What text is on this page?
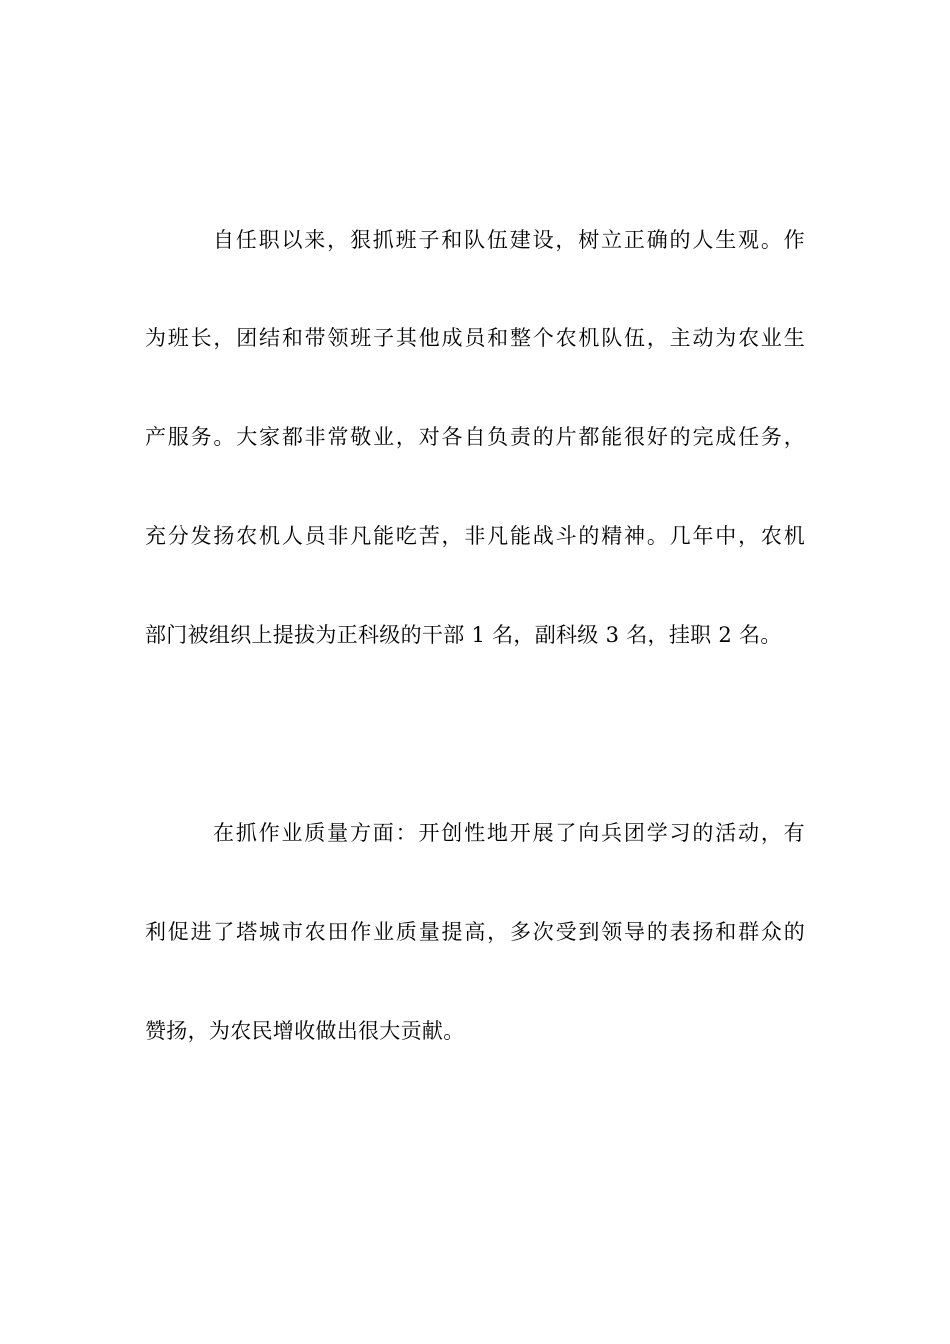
自任职以来，狠抓班子和队伍建设，树立正确的人生观。作
为班长，团结和带领班子其他成员和整个农机队伍，主动为农业生
产服务。大家都非常敬业，对各自负责的片都能很好的完成任务，
充分发扬农机人员非凡能吃苦，非凡能战斗的精神。几年中，农机
部门被组织上提拔为正科级的干部 1 名，副科级 3 名，挂职 2 名。
在抓作业质量方面：开创性地开展了向兵团学习的活动，有
利促进了塔城市农田作业质量提高，多次受到领导的表扬和群众的
赞扬，为农民增收做出很大贡献。
